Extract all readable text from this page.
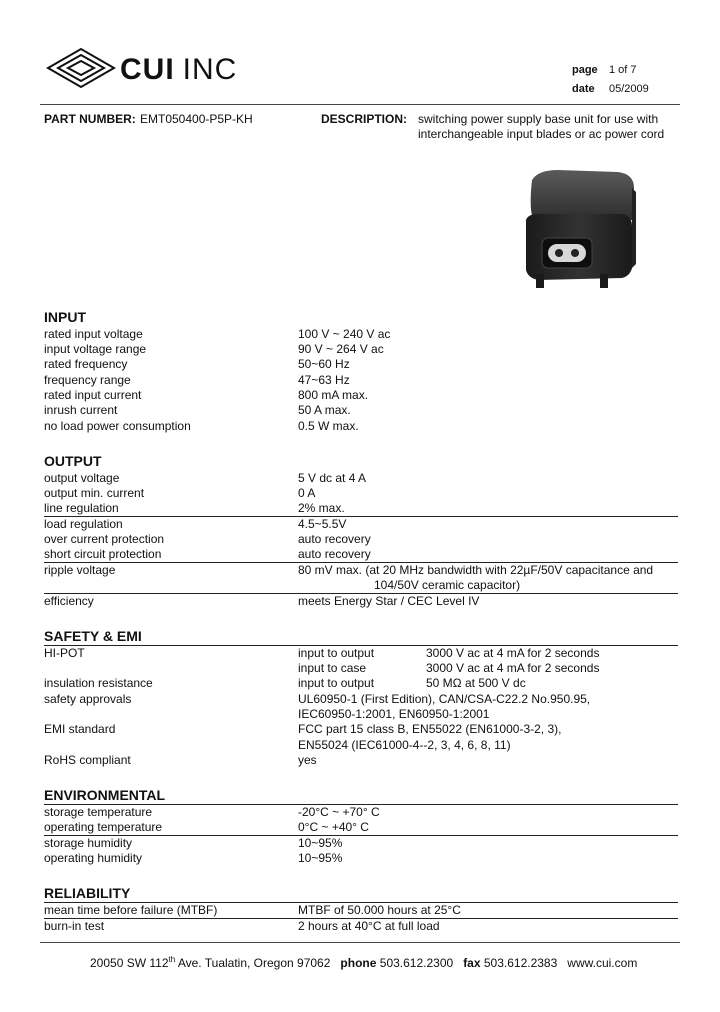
CUI INC	page 1 of 7
date 05/2009
PART NUMBER: EMT050400-P5P-KH	DESCRIPTION: switching power supply base unit for use with
interchangeable input blades or ac power cord
INPUT
rated input voltage	100 V ~ 240 V ac
input voltage range	90 V ~ 264 V ac
rated frequency	50~60 Hz
frequency range	47~63 Hz
rated input current	800 mA max.
inrush current	50 A max.
no load power consumption	0.5 W max.
OUTPUT
output voltage	5 V dc at 4 A
output min. current	0 A
line regulation	2% max.
load regulation	4.5~5.5V
over current protection	auto recovery
short circuit protection	auto recovery
ripple voltage	80 mV max. (at 20 MHz bandwidth with 22µF/50V capacitance and
104/50V ceramic capacitor)
efficiency	meets Energy Star / CEC Level IV
SAFETY & EMI
HI-POT	input to output	3000 V ac at 4 mA for 2 seconds
input to case	3000 V ac at 4 mA for 2 seconds
insulation resistance	input to output	50 MΩ at 500 V dc
safety approvals	UL60950-1 (First Edition), CAN/CSA-C22.2 No.950.95,
IEC60950-1:2001, EN60950-1:2001
EMI standard	FCC part 15 class B, EN55022 (EN61000-3-2, 3),
EN55024 (IEC61000-4--2, 3, 4, 6, 8, 11)
RoHS compliant	yes
ENVIRONMENTAL
storage temperature	-20°C ~ +70° C
operating temperature	0°C ~ +40° C
storage humidity	10~95%
operating humidity	10~95%
RELIABILITY
mean time before failure (MTBF)	MTBF of 50.000 hours at 25°C
burn-in test	2 hours at 40°C at full load
20050 SW 112th Ave. Tualatin, Oregon 97062 phone 503.612.2300 fax 503.612.2383 www.cui.com
